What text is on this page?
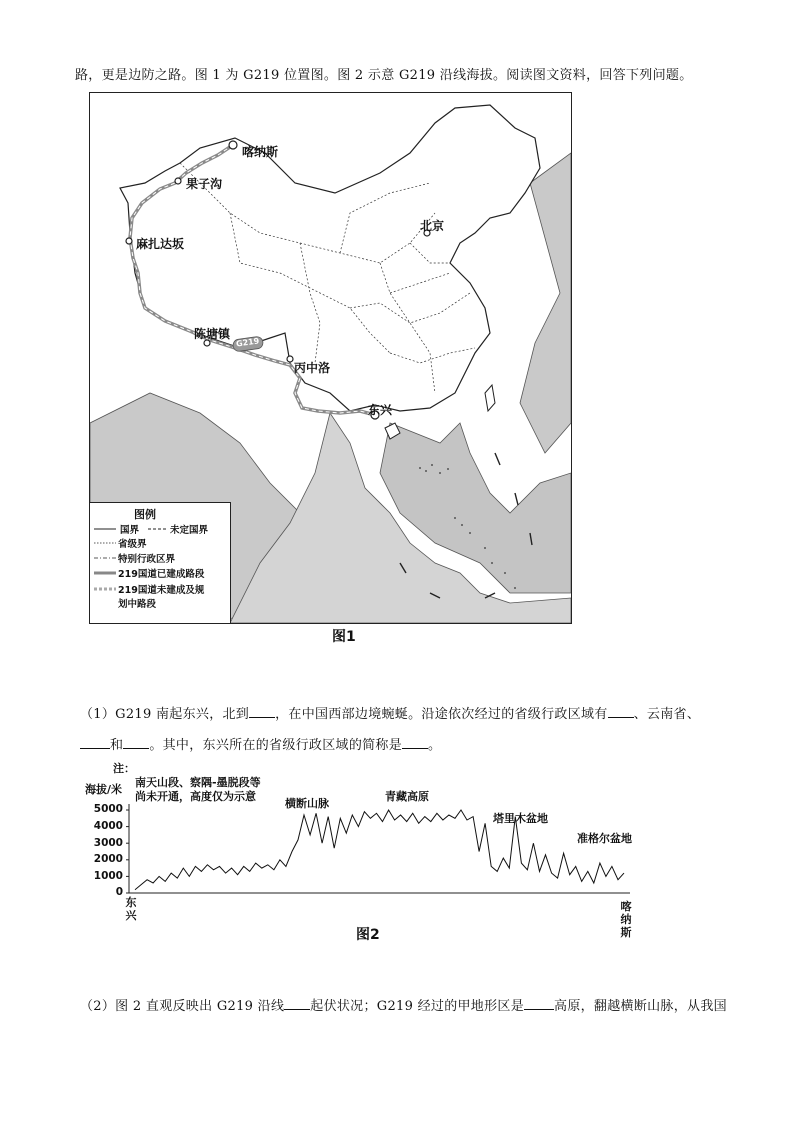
路，更是边防之路。图 1 为 G219 位置图。图 2 示意 G219 沿线海拔。阅读图文资料，回答下列问题。
喀纳斯
果子沟
麻扎达坂
陈塘镇
丙中洛
东兴
北京
G219
图例
国界	未定国界
省级界
特别行政区界
219国道已建成路段
219国道未建成及规
划中路段
图1
（1）G219 南起东兴，北到 ，在中国西部边境蜿蜒。沿途依次经过的省级行政区域有 、云南省、
和 。其中，东兴所在的省级行政区域的简称是 。
注：
海拔/米
南天山段、察隅-墨脱段等
尚未开通，高度仅为示意
5000
4000
3000
2000
1000
0
横断山脉
青藏高原
塔里木盆地
准格尔盆地
东兴
喀纳斯
图2
（2）图 2 直观反映出 G219 沿线 起伏状况；G219 经过的甲地形区是 高原，翻越横断山脉，从我国
